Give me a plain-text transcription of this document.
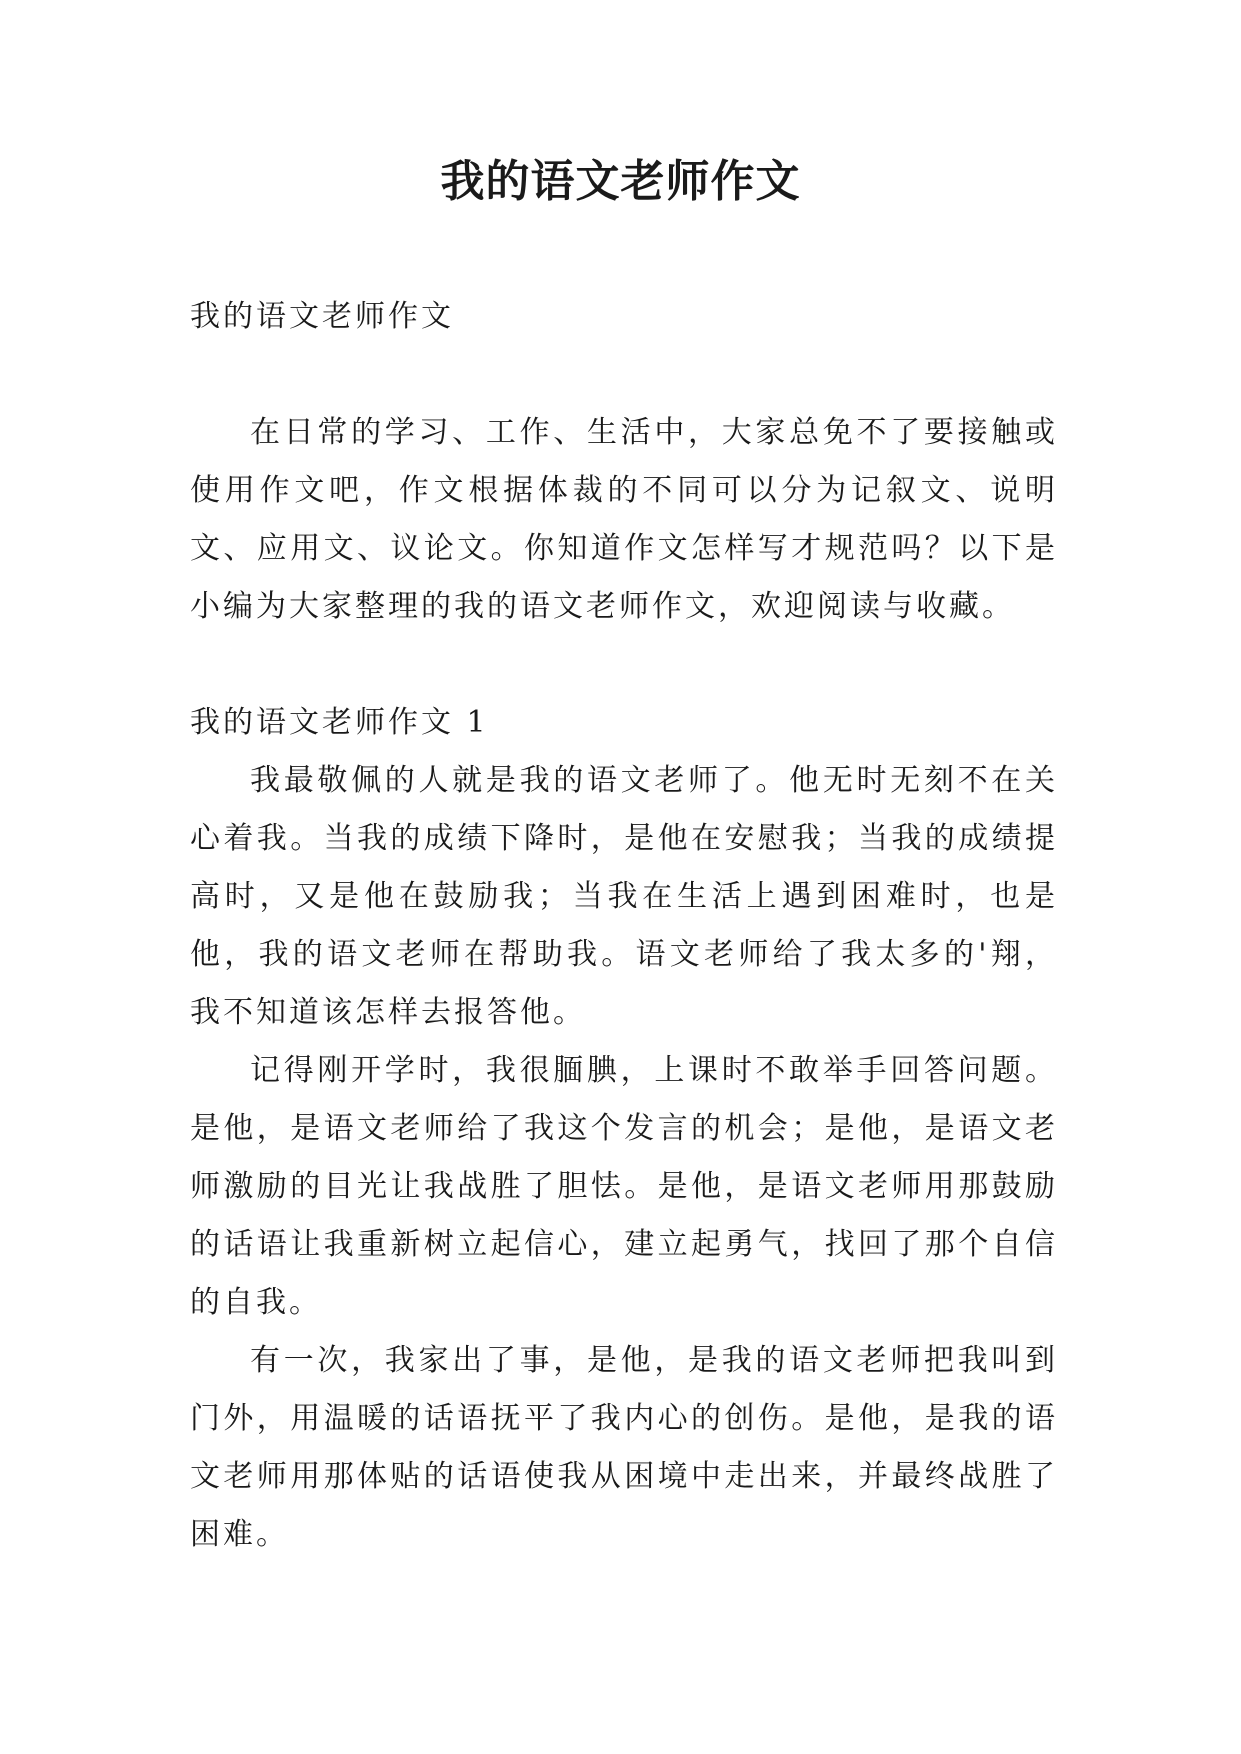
我的语文老师作文

我的语文老师作文

在日常的学习、工作、生活中，大家总免不了要接触或使用作文吧，作文根据体裁的不同可以分为记叙文、说明文、应用文、议论文。你知道作文怎样写才规范吗？以下是小编为大家整理的我的语文老师作文，欢迎阅读与收藏。

我的语文老师作文 1

我最敬佩的人就是我的语文老师了。他无时无刻不在关心着我。当我的成绩下降时，是他在安慰我；当我的成绩提高时，又是他在鼓励我；当我在生活上遇到困难时，也是他，我的语文老师在帮助我。语文老师给了我太多的'翔，我不知道该怎样去报答他。

记得刚开学时，我很腼腆，上课时不敢举手回答问题。是他，是语文老师给了我这个发言的机会；是他，是语文老师激励的目光让我战胜了胆怯。是他，是语文老师用那鼓励的话语让我重新树立起信心，建立起勇气，找回了那个自信的自我。

有一次，我家出了事，是他，是我的语文老师把我叫到门外，用温暖的话语抚平了我内心的创伤。是他，是我的语文老师用那体贴的话语使我从困境中走出来，并最终战胜了困难。
